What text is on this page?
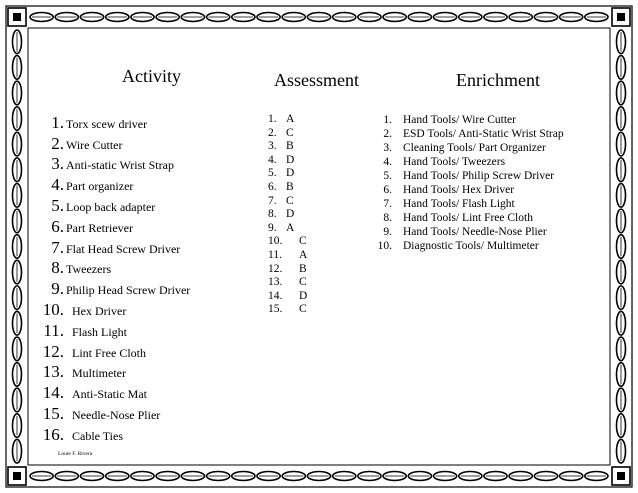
Activity	Assessment	Enrichment
1. Torx scew driver
2. Wire Cutter
3. Anti-static Wrist Strap
4. Part organizer
5. Loop back adapter
6. Part Retriever
7. Flat Head Screw Driver
8. Tweezers
9. Philip Head Screw Driver
10. Hex Driver
11. Flash Light
12. Lint Free Cloth
13. Multimeter
14. Anti-Static Mat
15. Needle-Nose Plier
16. Cable Ties
1. A
2. C
3. B
4. D
5. D
6. B
7. C
8. D
9. A
10. C
11. A
12. B
13. C
14. D
15. C
1. Hand Tools/ Wire Cutter
2. ESD Tools/ Anti-Static Wrist Strap
3. Cleaning Tools/ Part Organizer
4. Hand Tools/ Tweezers
5. Hand Tools/ Philip Screw Driver
6. Hand Tools/ Hex Driver
7. Hand Tools/ Flash Light
8. Hand Tools/ Lint Free Cloth
9. Hand Tools/ Needle-Nose Plier
10. Diagnostic Tools/ Multimeter
Louie F. Rivera
